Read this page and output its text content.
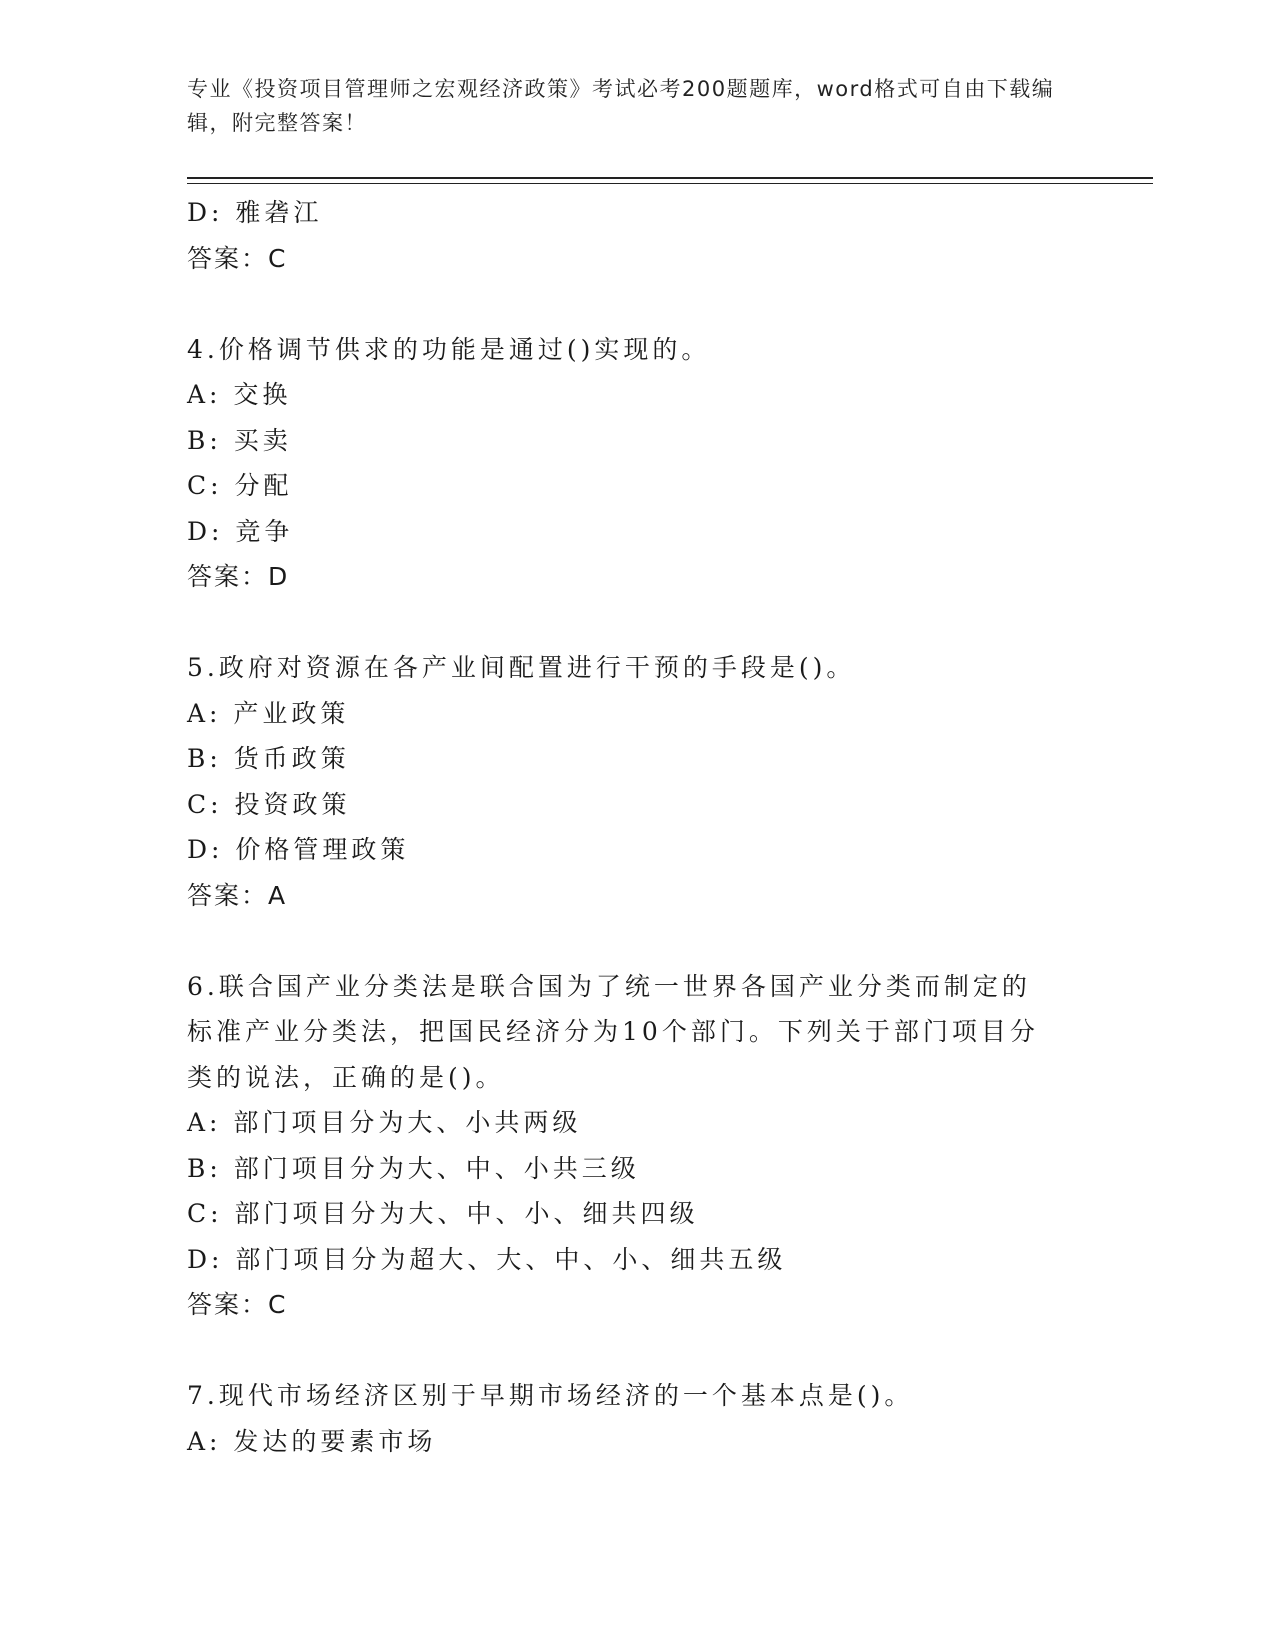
专业《投资项目管理师之宏观经济政策》考试必考200题题库，word格式可自由下载编辑，附完整答案！
D: 雅砻江
答案：C
4.价格调节供求的功能是通过()实现的。
A: 交换
B: 买卖
C: 分配
D: 竞争
答案：D
5.政府对资源在各产业间配置进行干预的手段是()。
A: 产业政策
B: 货币政策
C: 投资政策
D: 价格管理政策
答案：A
6.联合国产业分类法是联合国为了统一世界各国产业分类而制定的标准产业分类法，把国民经济分为10个部门。下列关于部门项目分类的说法，正确的是()。
A: 部门项目分为大、小共两级
B: 部门项目分为大、中、小共三级
C: 部门项目分为大、中、小、细共四级
D: 部门项目分为超大、大、中、小、细共五级
答案：C
7.现代市场经济区别于早期市场经济的一个基本点是()。
A: 发达的要素市场
